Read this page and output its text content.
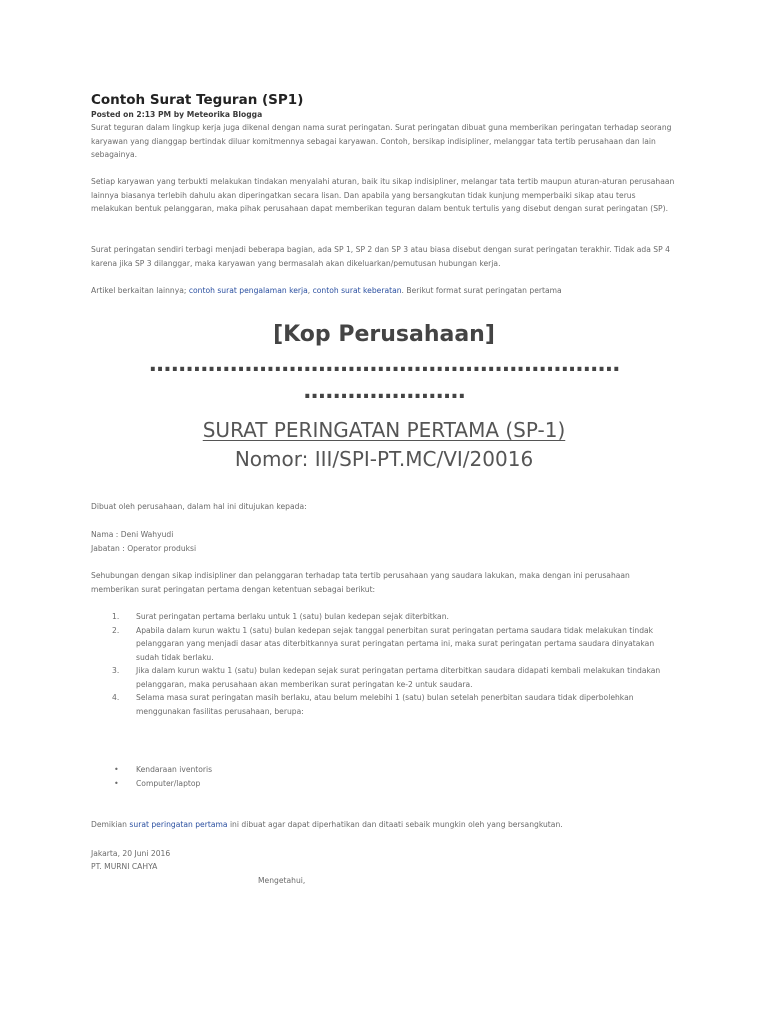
Contoh Surat Teguran (SP1)
Posted on 2:13 PM by Meteorika Blogga

Surat teguran dalam lingkup kerja juga dikenal dengan nama surat peringatan. Surat peringatan dibuat guna memberikan peringatan terhadap seorang karyawan yang dianggap bertindak diluar komitmennya sebagai karyawan. Contoh, bersikap indisipliner, melanggar tata tertib perusahaan dan lain sebagainya.

Setiap karyawan yang terbukti melakukan tindakan menyalahi aturan, baik itu sikap indisipliner, melangar tata tertib maupun aturan-aturan perusahaan lainnya biasanya terlebih dahulu akan diperingatkan secara lisan. Dan apabila yang bersangkutan tidak kunjung memperbaiki sikap atau terus melakukan bentuk pelanggaran, maka pihak perusahaan dapat memberikan teguran dalam bentuk tertulis yang disebut dengan surat peringatan (SP).

Surat peringatan sendiri terbagi menjadi beberapa bagian, ada SP 1, SP 2 dan SP 3 atau biasa disebut dengan surat peringatan terakhir. Tidak ada SP 4 karena jika SP 3 dilanggar, maka karyawan yang bermasalah akan dikeluarkan/pemutusan hubungan kerja.

Artikel berkaitan lainnya; contoh surat pengalaman kerja, contoh surat keberatan. Berikut format surat peringatan pertama

[Kop Perusahaan]
................................................................
......................
SURAT PERINGATAN PERTAMA (SP-1)
Nomor: III/SPI-PT.MC/VI/20016
Dibuat oleh perusahaan, dalam hal ini ditujukan kepada:
Nama : Deni Wahyudi
Jabatan : Operator produksi

Sehubungan dengan sikap indisipliner dan pelanggaran terhadap tata tertib perusahaan yang saudara lakukan, maka dengan ini perusahaan memberikan surat peringatan pertama dengan ketentuan sebagai berikut:

1. Surat peringatan pertama berlaku untuk 1 (satu) bulan kedepan sejak diterbitkan.
2. Apabila dalam kurun waktu 1 (satu) bulan kedepan sejak tanggal penerbitan surat peringatan pertama saudara tidak melakukan tindak pelanggaran yang menjadi dasar atas diterbitkannya surat peringatan pertama ini, maka surat peringatan pertama saudara dinyatakan sudah tidak berlaku.
3. Jika dalam kurun waktu 1 (satu) bulan kedepan sejak surat peringatan pertama diterbitkan saudara didapati kembali melakukan tindakan pelanggaran, maka perusahaan akan memberikan surat peringatan ke-2 untuk saudara.
4. Selama masa surat peringatan masih berlaku, atau belum melebihi 1 (satu) bulan setelah penerbitan saudara tidak diperbolehkan menggunakan fasilitas perusahaan, berupa:
• Kendaraan iventoris
• Computer/laptop

Demikian surat peringatan pertama ini dibuat agar dapat diperhatikan dan ditaati sebaik mungkin oleh yang bersangkutan.

Jakarta, 20 Juni 2016
PT. MURNI CAHYA
Mengetahui,
